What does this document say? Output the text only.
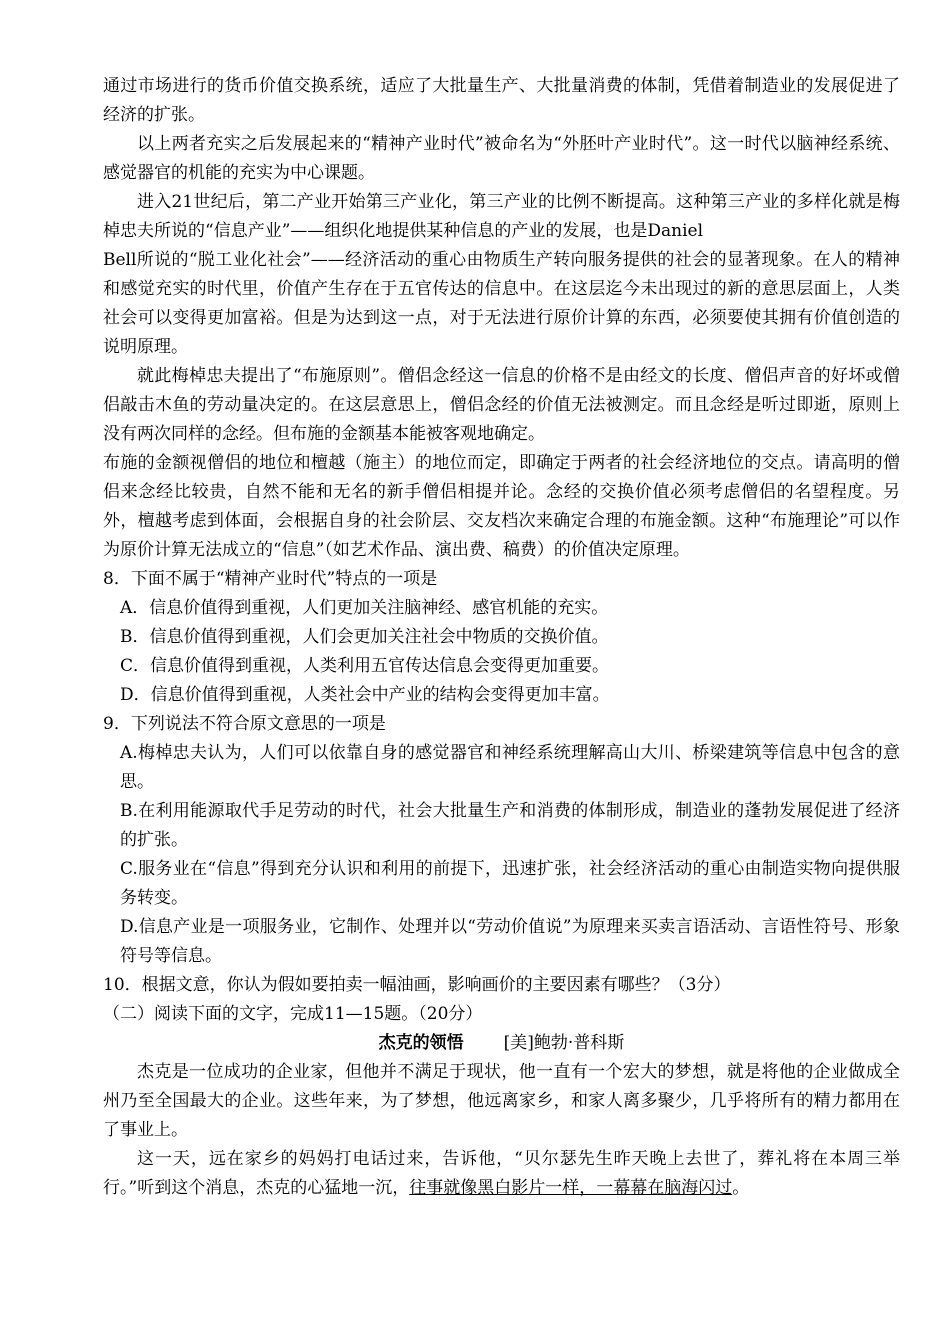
通过市场进行的货币价值交换系统，适应了大批量生产、大批量消费的体制，凭借着制造业的发展促进了经济的扩张。

以上两者充实之后发展起来的“精神产业时代”被命名为“外胚叶产业时代”。这一时代以脑神经系统、感觉器官的机能的充实为中心课题。

进入21世纪后，第二产业开始第三产业化，第三产业的比例不断提高。这种第三产业的多样化就是梅棹忠夫所说的“信息产业”——组织化地提供某种信息的产业的发展，也是Daniel

Bell所说的“脱工业化社会”——经济活动的重心由物质生产转向服务提供的社会的显著现象。在人的精神和感觉充实的时代里，价值产生存在于五官传达的信息中。在这层迄今未出现过的新的意思层面上，人类社会可以变得更加富裕。但是为达到这一点，对于无法进行原价计算的东西，必须要使其拥有价值创造的说明原理。

就此梅棹忠夫提出了“布施原则”。僧侣念经这一信息的价格不是由经文的长度、僧侣声音的好坏或僧侣敲击木鱼的劳动量决定的。在这层意思上，僧侣念经的价值无法被测定。而且念经是听过即逝，原则上没有两次同样的念经。但布施的金额基本能被客观地确定。

布施的金额视僧侣的地位和檀越（施主）的地位而定，即确定于两者的社会经济地位的交点。请高明的僧侣来念经比较贵，自然不能和无名的新手僧侣相提并论。念经的交换价值必须考虑僧侣的名望程度。另外，檀越考虑到体面，会根据自身的社会阶层、交友档次来确定合理的布施金额。这种“布施理论”可以作为原价计算无法成立的“信息”（如艺术作品、演出费、稿费）的价值决定原理。

8．下面不属于“精神产业时代”特点的一项是

A．信息价值得到重视，人们更加关注脑神经、感官机能的充实。

B．信息价值得到重视，人们会更加关注社会中物质的交换价值。

C．信息价值得到重视，人类利用五官传达信息会变得更加重要。

D．信息价值得到重视，人类社会中产业的结构会变得更加丰富。

9．下列说法不符合原文意思的一项是

A.梅棹忠夫认为，人们可以依靠自身的感觉器官和神经系统理解高山大川、桥梁建筑等信息中包含的意思。

B.在利用能源取代手足劳动的时代，社会大批量生产和消费的体制形成，制造业的蓬勃发展促进了经济的扩张。

C.服务业在“信息”得到充分认识和利用的前提下，迅速扩张，社会经济活动的重心由制造实物向提供服务转变。

D.信息产业是一项服务业，它制作、处理并以“劳动价值说”为原理来买卖言语活动、言语性符号、形象符号等信息。

10．根据文意，你认为假如要拍卖一幅油画，影响画价的主要因素有哪些？（3分）

（二）阅读下面的文字，完成11—15题。（20分）

杰克的领悟 [美]鲍勃·普科斯

杰克是一位成功的企业家，但他并不满足于现状，他一直有一个宏大的梦想，就是将他的企业做成全州乃至全国最大的企业。这些年来，为了梦想，他远离家乡，和家人离多聚少，几乎将所有的精力都用在了事业上。

这一天，远在家乡的妈妈打电话过来，告诉他，“贝尔瑟先生昨天晚上去世了，葬礼将在本周三举行。”听到这个消息，杰克的心猛地一沉，往事就像黑白影片一样，一幕幕在脑海闪过。
